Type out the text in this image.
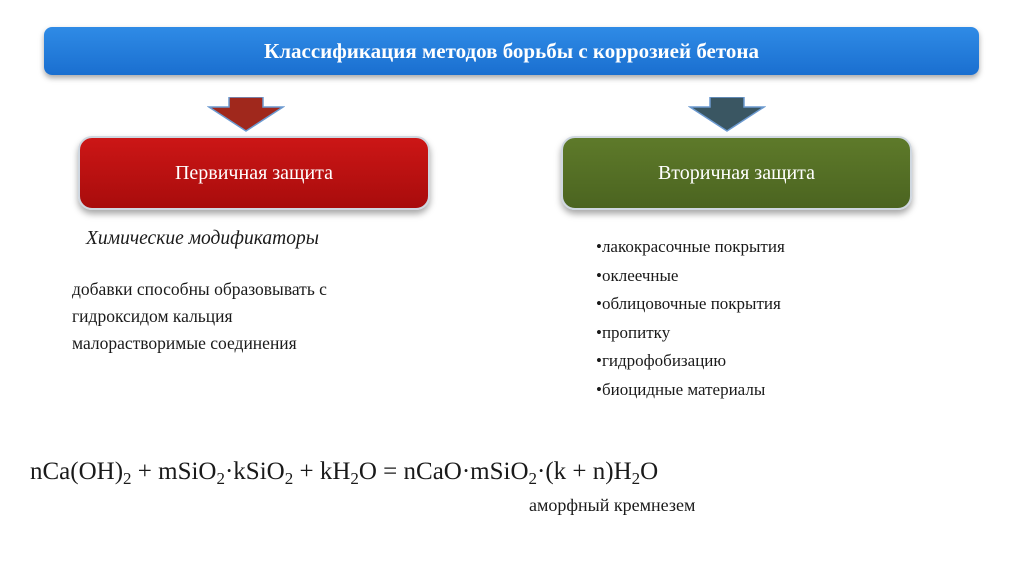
Классификация методов борьбы с коррозией бетона
Первичная защита	Вторичная защита
Химические модификаторы
добавки способны образовывать с
гидроксидом кальция
малорастворимые соединения
•лакокрасочные покрытия
•оклеечные
•облицовочные покрытия
•пропитку
•гидрофобизацию
•биоцидные материалы
$nCa(OH)_2$ + mSiO$_2$·kSiO$_2$ + $kH_2O$ = nCaO·mSiO$_2$·(k + $n)H_2O$
аморфный кремнезем
